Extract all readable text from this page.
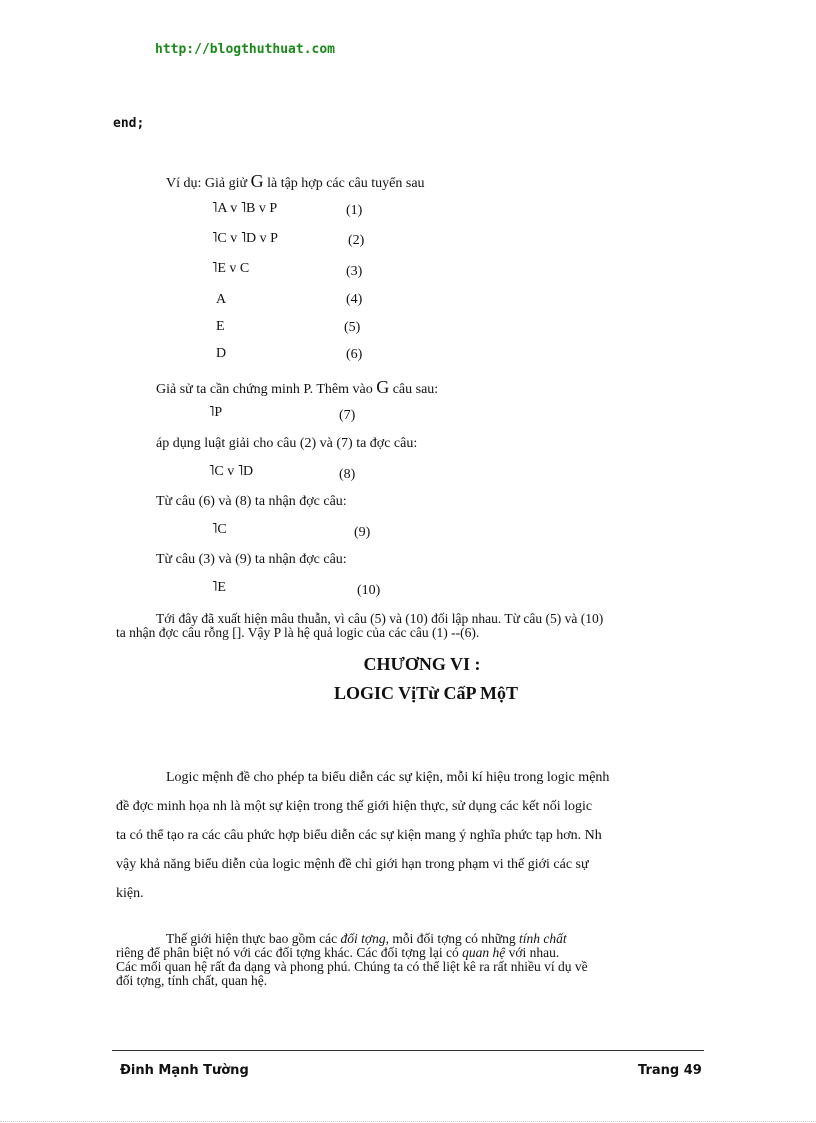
http://blogthuthuat.com
end;
Ví dụ: Giả giử G là tập hợp các câu tuyển sau
˥A v ˥B v P	(1)
˥C v ˥D v P	(2)
˥E v C	(3)
A	(4)
E	(5)
D	(6)
Giả sử ta cần chứng minh P. Thêm vào G câu sau:
˥P	(7)
áp dụng luật giải cho câu (2) và (7) ta đợc câu:
˥C v ˥D	(8)
Từ câu (6) và (8) ta nhận đợc câu:
˥C	(9)
Từ câu (3) và (9) ta nhận đợc câu:
˥E	(10)
Tới đây đã xuất hiện mâu thuẫn, vì câu (5) và (10) đối lập nhau. Từ câu (5) và (10)
ta nhận đợc câu rỗng []. Vậy P là hệ quả logic của các câu (1) --(6).
CHƯƠNG VI :
LOGIC VịTừ CấP MộT
Logic mệnh đề cho phép ta biểu diễn các sự kiện, mỗi kí hiệu trong logic mệnh
đề đợc minh họa nh là một sự kiện trong thế giới hiện thực, sử dụng các kết nối logic
ta có thể tạo ra các câu phức hợp biểu diễn các sự kiện mang ý nghĩa phức tạp hơn. Nh
vậy khả năng biểu diễn của logic mệnh đề chỉ giới hạn trong phạm vi thế giới các sự
kiện.
Thế giới hiện thực bao gồm các đối tợng, mỗi đối tợng có những tính chất
riêng để phân biệt nó với các đối tợng khác. Các đối tợng lại có quan hệ với nhau.
Các mối quan hệ rất đa dạng và phong phú. Chúng ta có thể liệt kê ra rất nhiều ví dụ về
đối tợng, tính chất, quan hệ.
Đinh Mạnh Tường	Trang 49
